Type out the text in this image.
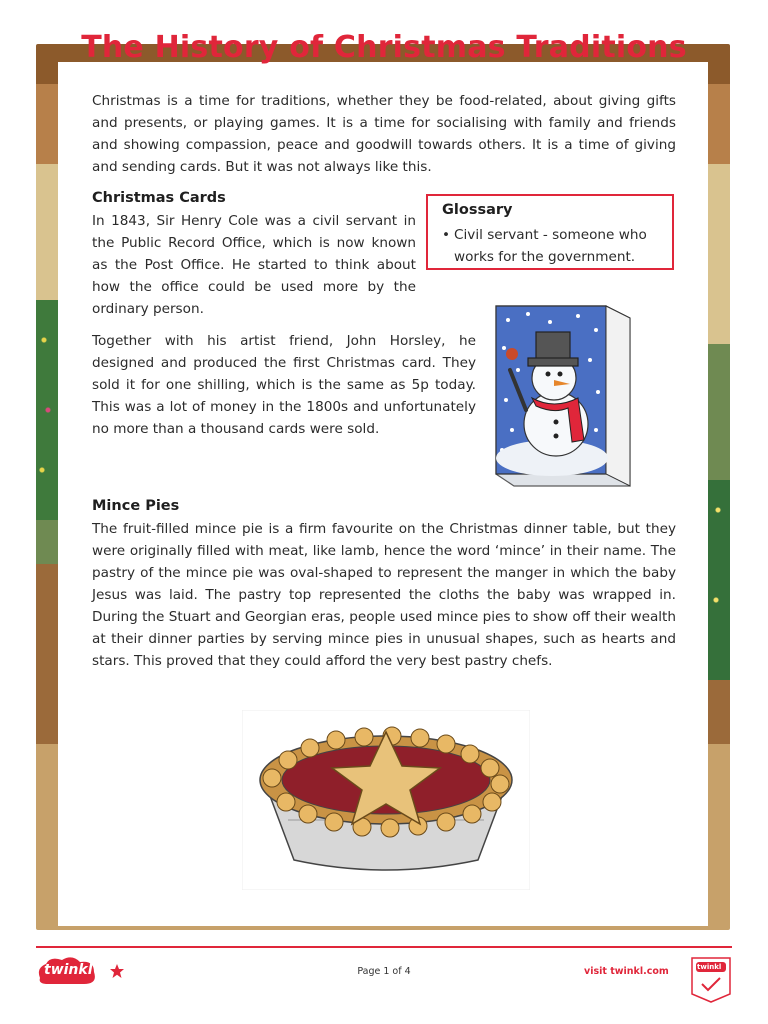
The History of Christmas Traditions

Christmas is a time for traditions, whether they be food-related, about giving gifts and presents, or playing games. It is a time for socialising with family and friends and showing compassion, peace and goodwill towards others. It is a time of giving and sending cards. But it was not always like this.

Christmas Cards

In 1843, Sir Henry Cole was a civil servant in the Public Record Office, which is now known as the Post Office. He started to think about how the office could be used more by the ordinary person.

Together with his artist friend, John Horsley, he designed and produced the first Christmas card. They sold it for one shilling, which is the same as 5p today. This was a lot of money in the 1800s and unfortunately no more than a thousand cards were sold.

Glossary
• Civil servant - someone who works for the government.
Mince Pies

The fruit-filled mince pie is a firm favourite on the Christmas dinner table, but they were originally filled with meat, like lamb, hence the word ‘mince’ in their name. The pastry of the mince pie was oval-shaped to represent the manger in which the baby Jesus was laid. The pastry top represented the cloths the baby was wrapped in. During the Stuart and Georgian eras, people used mince pies to show off their wealth at their dinner parties by serving mince pies in unusual shapes, such as hearts and stars. This proved that they could afford the very best pastry chefs.

twinkl	Page 1 of 4	visit twinkl.com	twinkl
